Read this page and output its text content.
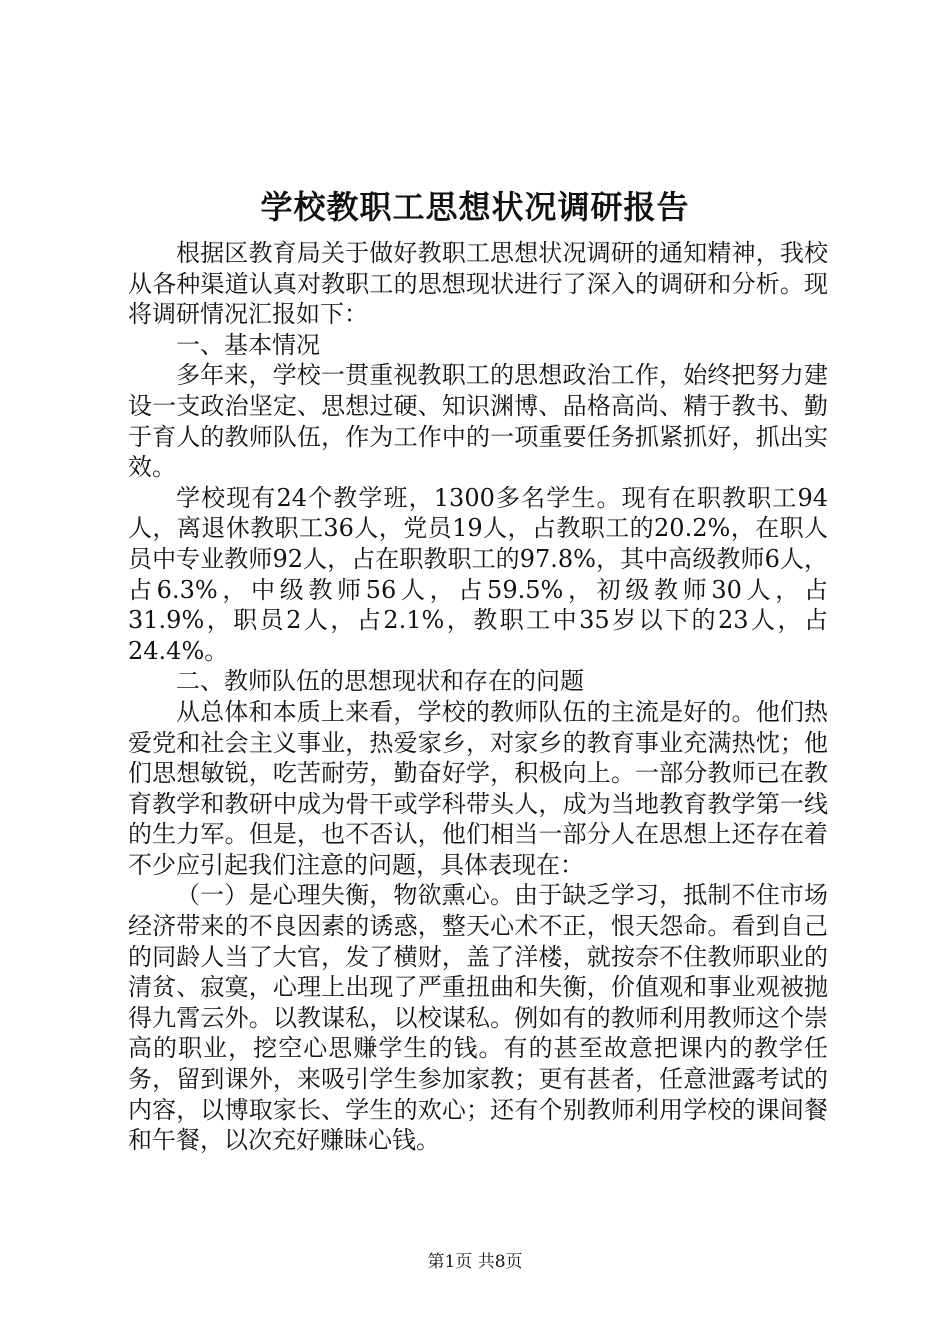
学校教职工思想状况调研报告

根据区教育局关于做好教职工思想状况调研的通知精神，我校从各种渠道认真对教职工的思想现状进行了深入的调研和分析。现将调研情况汇报如下：

一、基本情况

多年来，学校一贯重视教职工的思想政治工作，始终把努力建设一支政治坚定、思想过硬、知识渊博、品格高尚、精于教书、勤于育人的教师队伍，作为工作中的一项重要任务抓紧抓好，抓出实效。

学校现有24个教学班，1300多名学生。现有在职教职工94人，离退休教职工36人，党员19人，占教职工的20.2%，在职人员中专业教师92人，占在职教职工的97.8%，其中高级教师6人，占6.3%，中级教师56人，占59.5%，初级教师30人，占31.9%，职员2人，占2.1%，教职工中35岁以下的23人，占24.4%。

二、教师队伍的思想现状和存在的问题

从总体和本质上来看，学校的教师队伍的主流是好的。他们热爱党和社会主义事业，热爱家乡，对家乡的教育事业充满热忱；他们思想敏锐，吃苦耐劳，勤奋好学，积极向上。一部分教师已在教育教学和教研中成为骨干或学科带头人，成为当地教育教学第一线的生力军。但是，也不否认，他们相当一部分人在思想上还存在着不少应引起我们注意的问题，具体表现在：

（一）是心理失衡，物欲熏心。由于缺乏学习，抵制不住市场经济带来的不良因素的诱惑，整天心术不正，恨天怨命。看到自己的同龄人当了大官，发了横财，盖了洋楼，就按奈不住教师职业的清贫、寂寞，心理上出现了严重扭曲和失衡，价值观和事业观被抛得九霄云外。以教谋私，以校谋私。例如有的教师利用教师这个崇高的职业，挖空心思赚学生的钱。有的甚至故意把课内的教学任务，留到课外，来吸引学生参加家教；更有甚者，任意泄露考试的内容，以博取家长、学生的欢心；还有个别教师利用学校的课间餐和午餐，以次充好赚昧心钱。

第1页 共8页
